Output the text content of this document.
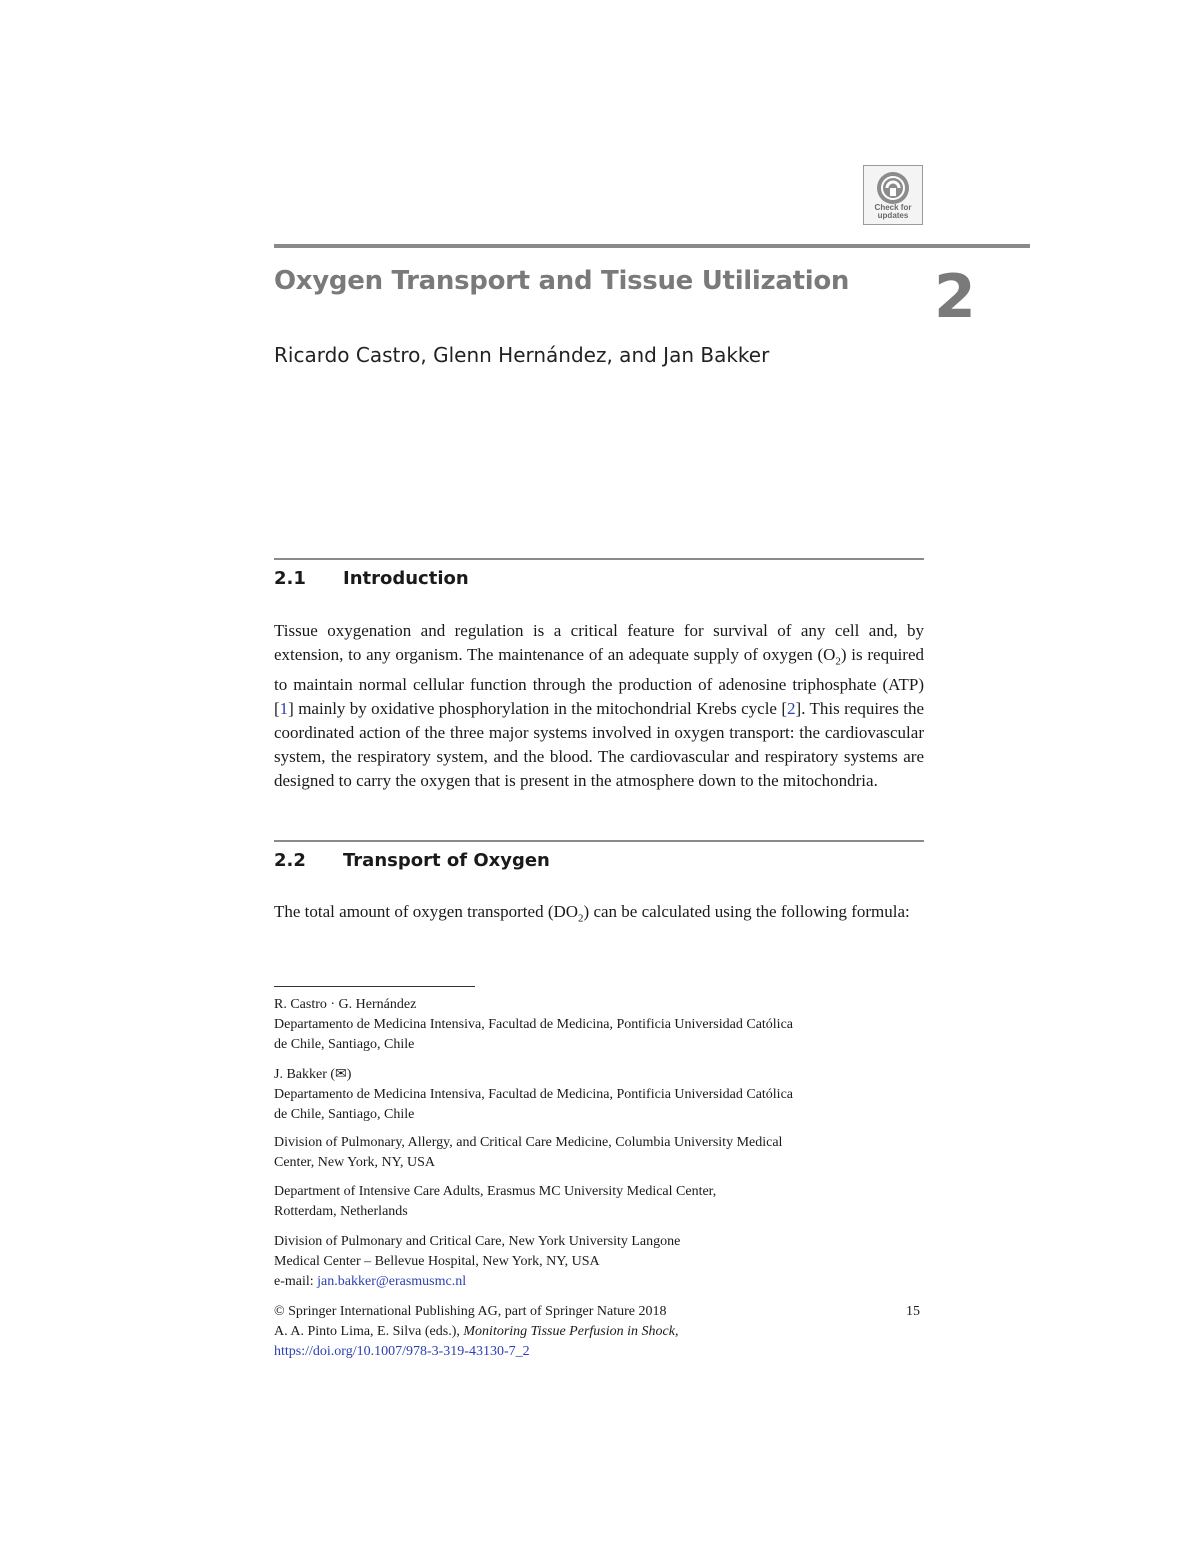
Check for
updates
Oxygen Transport and Tissue Utilization 2
Ricardo Castro, Glenn Hernández, and Jan Bakker
2.1 Introduction

Tissue oxygenation and regulation is a critical feature for survival of any cell and, by extension, to any organism. The maintenance of an adequate supply of oxygen $(O_2)$ is required to maintain normal cellular function through the production of adenosine triphosphate (ATP) [1] mainly by oxidative phosphorylation in the mitochondrial Krebs cycle [2]. This requires the coordinated action of the three major systems involved in oxygen transport: the cardiovascular system, the respiratory system, and the blood. The cardiovascular and respiratory systems are designed to carry the oxygen that is present in the atmosphere down to the mitochondria.

2.2 Transport of Oxygen

The total amount of oxygen transported $(DO_2)$ can be calculated using the following formula:

R. Castro · G. Hernández
Departamento de Medicina Intensiva, Facultad de Medicina, Pontificia Universidad Católica
de Chile, Santiago, Chile

J. Bakker (✉)
Departamento de Medicina Intensiva, Facultad de Medicina, Pontificia Universidad Católica
de Chile, Santiago, Chile

Division of Pulmonary, Allergy, and Critical Care Medicine, Columbia University Medical
Center, New York, NY, USA

Department of Intensive Care Adults, Erasmus MC University Medical Center,
Rotterdam, Netherlands

Division of Pulmonary and Critical Care, New York University Langone
Medical Center – Bellevue Hospital, New York, NY, USA
e-mail: jan.bakker@erasmusmc.nl

© Springer International Publishing AG, part of Springer Nature 2018
A. A. Pinto Lima, E. Silva (eds.), Monitoring Tissue Perfusion in Shock,
https://doi.org/10.1007/978-3-319-43130-7_2

15
